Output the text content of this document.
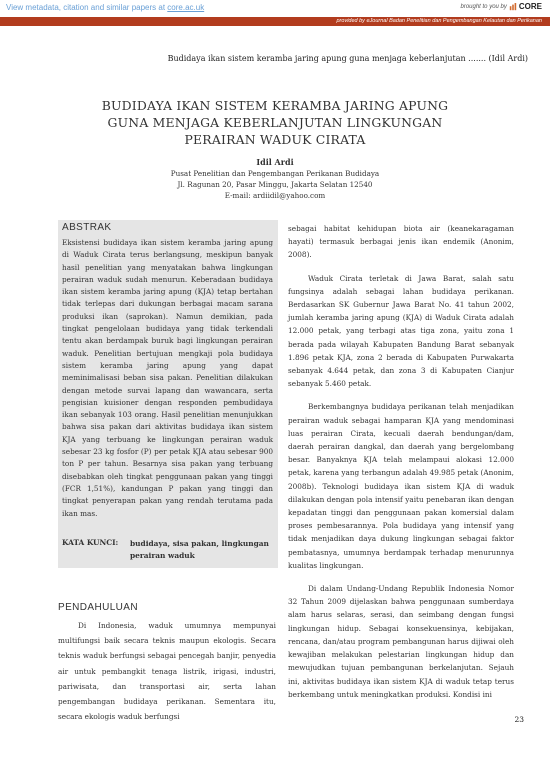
View metadata, citation and similar papers at core.ac.uk	brought to you by CORE
provided by eJournal Badan Penelitian dan Pengembangan Kelautan dan Perikanan
Budidaya ikan sistem keramba jaring apung guna menjaga keberlanjutan ....... (Idil Ardi)
BUDIDAYA IKAN SISTEM KERAMBA JARING APUNG
GUNA MENJAGA KEBERLANJUTAN LINGKUNGAN
PERAIRAN WADUK CIRATA
Idil Ardi
Pusat Penelitian dan Pengembangan Perikanan Budidaya
Jl. Ragunan 20, Pasar Minggu, Jakarta Selatan 12540
E-mail: ardiidil@yahoo.com
ABSTRAK
Eksistensi budidaya ikan sistem keramba jaring apung di Waduk Cirata terus berlangsung, meskipun banyak hasil penelitian yang menyatakan bahwa lingkungan perairan waduk sudah menurun. Keberadaan budidaya ikan sistem keramba jaring apung (KJA) tetap bertahan tidak terlepas dari dukungan berbagai macam sarana produksi ikan (saprokan). Namun demikian, pada tingkat pengelolaan budidaya yang tidak terkendali tentu akan berdampak buruk bagi lingkungan perairan waduk. Penelitian bertujuan mengkaji pola budidaya sistem keramba jaring apung yang dapat meminimalisasi beban sisa pakan. Penelitian dilakukan dengan metode survai lapang dan wawancara, serta pengisian kuisioner dengan responden pembudidaya ikan sebanyak 103 orang. Hasil penelitian menunjukkan bahwa sisa pakan dari aktivitas budidaya ikan sistem KJA yang terbuang ke lingkungan perairan waduk sebesar 23 kg fosfor (P) per petak KJA atau sebesar 900 ton P per tahun. Besarnya sisa pakan yang terbuang disebabkan oleh tingkat penggunaan pakan yang tinggi (FCR 1,51%), kandungan P pakan yang tinggi dan tingkat penyerapan pakan yang rendah terutama pada ikan mas.
KATA KUNCI: budidaya, sisa pakan, lingkungan perairan waduk
PENDAHULUAN
Di Indonesia, waduk umumnya mempunyai multifungsi baik secara teknis maupun ekologis. Secara teknis waduk berfungsi sebagai pencegah banjir, penyedia air untuk pembangkit tenaga listrik, irigasi, industri, pariwisata, dan transportasi air, serta lahan pengembangan budidaya perikanan. Sementara itu, secara ekologis waduk berfungsi

sebagai habitat kehidupan biota air (keanekaragaman hayati) termasuk berbagai jenis ikan endemik (Anonim, 2008).

Waduk Cirata terletak di Jawa Barat, salah satu fungsinya adalah sebagai lahan budidaya perikanan. Berdasarkan SK Gubernur Jawa Barat No. 41 tahun 2002, jumlah keramba jaring apung (KJA) di Waduk Cirata adalah 12.000 petak, yang terbagi atas tiga zona, yaitu zona 1 berada pada wilayah Kabupaten Bandung Barat sebanyak 1.896 petak KJA, zona 2 berada di Kabupaten Purwakarta sebanyak 4.644 petak, dan zona 3 di Kabupaten Cianjur sebanyak 5.460 petak.

Berkembangnya budidaya perikanan telah menjadikan perairan waduk sebagai hamparan KJA yang mendominasi luas perairan Cirata, kecuali daerah bendungan/dam, daerah perairan dangkal, dan daerah yang bergelombang besar. Banyaknya KJA telah melampaui alokasi 12.000 petak, karena yang terbangun adalah 49.985 petak (Anonim, 2008b). Teknologi budidaya ikan sistem KJA di waduk dilakukan dengan pola intensif yaitu penebaran ikan dengan kepadatan tinggi dan penggunaan pakan komersial dalam proses pembesarannya. Pola budidaya yang intensif yang tidak menjadikan daya dukung lingkungan sebagai faktor pembatasnya, umumnya berdampak terhadap menurunnya kualitas lingkungan.

Di dalam Undang-Undang Republik Indonesia Nomor 32 Tahun 2009 dijelaskan bahwa penggunaan sumberdaya alam harus selaras, serasi, dan seimbang dengan fungsi lingkungan hidup. Sebagai konsekuensinya, kebijakan, rencana, dan/atau program pembangunan harus dijiwai oleh kewajiban melakukan pelestarian lingkungan hidup dan mewujudkan tujuan pembangunan berkelanjutan. Sejauh ini, aktivitas budidaya ikan sistem KJA di waduk tetap terus berkembang untuk meningkatkan produksi. Kondisi ini

23
